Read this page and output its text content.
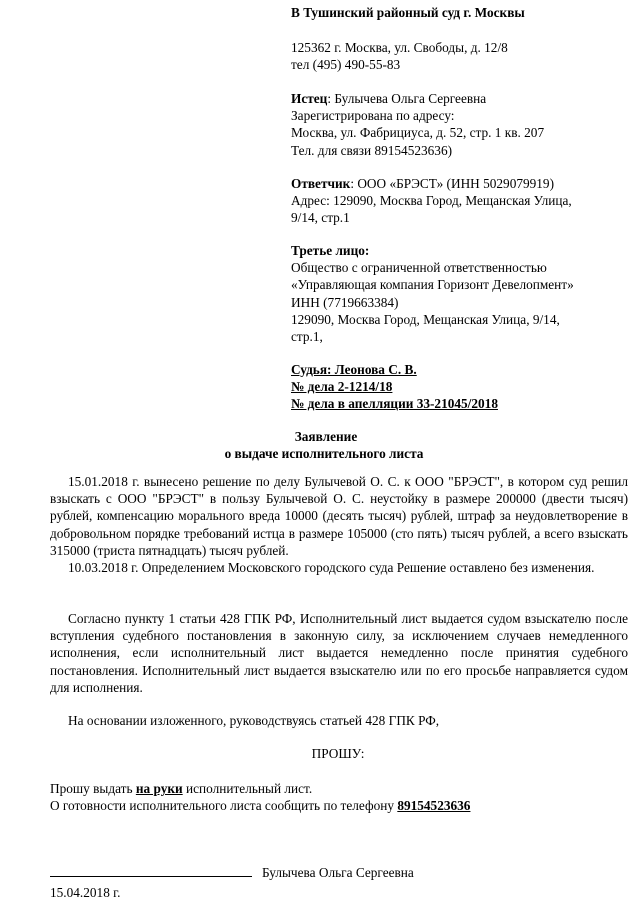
В Тушинский районный суд г. Москвы

125362 г. Москва, ул. Свободы, д. 12/8

тел (495) 490-55-83

Истец: Булычева Ольга Сергеевна

Зарегистрирована по адресу:

Москва, ул. Фабрициуса, д. 52, стр. 1 кв. 207

Тел. для связи 89154523636)

Ответчик: ООО «БРЭСТ» (ИНН 5029079919)

Адрес: 129090, Москва Город, Мещанская Улица,

9/14, стр.1

Третье лицо:

Общество с ограниченной ответственностью

«Управляющая компания Горизонт Девелопмент»

ИНН (7719663384)

129090, Москва Город, Мещанская Улица, 9/14,

стр.1,

Судья: Леонова С. В.

№ дела 2-1214/18

№ дела в апелляции 33-21045/2018

Заявление

о выдаче исполнительного листа

15.01.2018 г. вынесено решение по делу Булычевой О. С. к ООО "БРЭСТ", в котором суд решил взыскать с ООО "БРЭСТ" в пользу Булычевой О. С. неустойку в размере 200000 (двести тысяч) рублей, компенсацию морального вреда 10000 (десять тысяч) рублей, штраф за неудовлетворение в добровольном порядке требований истца в размере 105000 (сто пять) тысяч рублей, а всего взыскать 315000 (триста пятнадцать) тысяч рублей.

10.03.2018 г. Определением Московского городского суда Решение оставлено без изменения.

Согласно пункту 1 статьи 428 ГПК РФ, Исполнительный лист выдается судом взыскателю после вступления судебного постановления в законную силу, за исключением случаев немедленного исполнения, если исполнительный лист выдается немедленно после принятия судебного постановления. Исполнительный лист выдается взыскателю или по его просьбе направляется судом для исполнения.

На основании изложенного, руководствуясь статьей 428 ГПК РФ,

ПРОШУ:

Прошу выдать на руки исполнительный лист.

О готовности исполнительного листа сообщить по телефону 89154523636

Булычева Ольга Сергеевна

15.04.2018 г.
